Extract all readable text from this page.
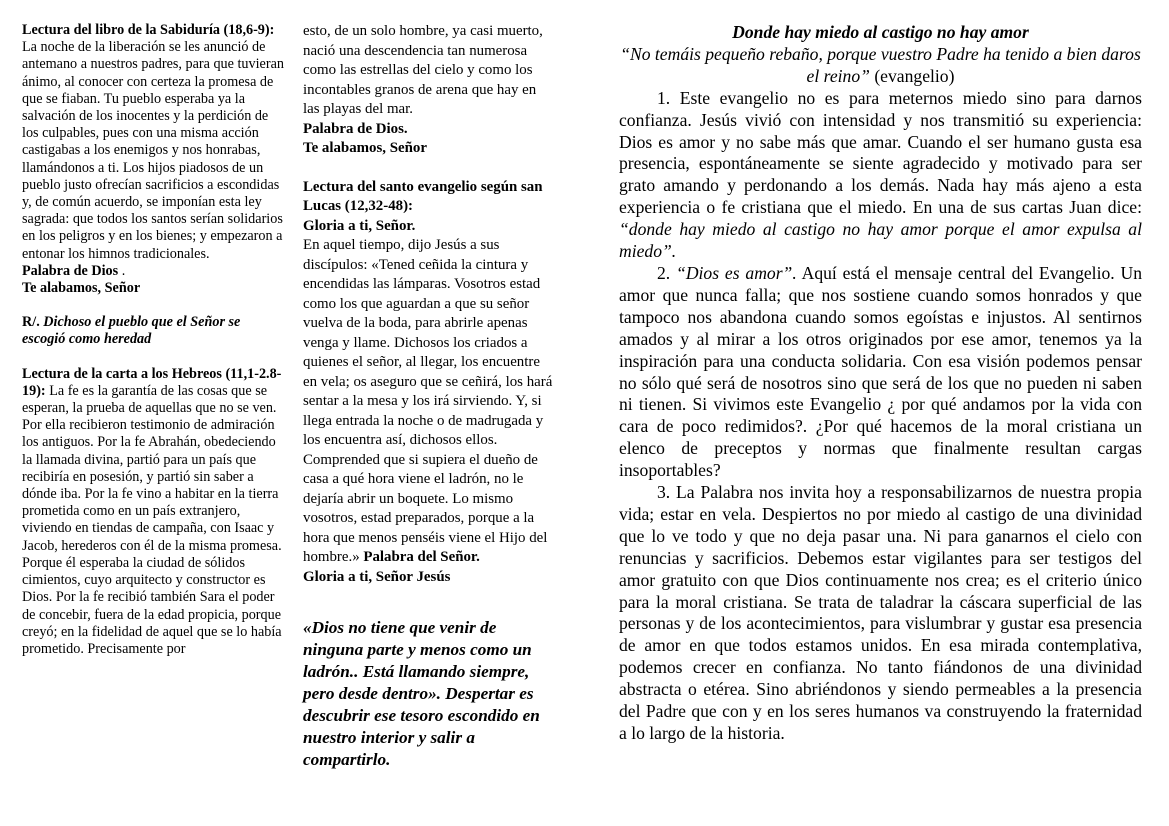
Lectura del libro de la Sabiduría (18,6-9): La noche de la liberación se les anunció de antemano a nuestros padres, para que tuvieran ánimo, al conocer con certeza la promesa de que se fiaban. Tu pueblo esperaba ya la salvación de los inocentes y la perdición de los culpables, pues con una misma acción castigabas a los enemigos y nos honrabas, llamándonos a ti. Los hijos piadosos de un pueblo justo ofrecían sacrificios a escondidas y, de común acuerdo, se imponían esta ley sagrada: que todos los santos serían solidarios en los peligros y en los bienes; y empezaron a entonar los himnos tradicionales.

Palabra de Dios .

Te alabamos, Señor

R/. Dichoso el pueblo que el Señor se escogió como heredad

Lectura de la carta a los Hebreos (11,1-2.8-19): La fe es la garantía de las cosas que se esperan, la prueba de aquellas que no se ven. Por ella recibieron testimonio de admiración los antiguos. Por la fe Abrahán, obedeciendo la llamada divina, partió para un país que recibiría en posesión, y partió sin saber a dónde iba. Por la fe vino a habitar en la tierra prometida como en un país extranjero, viviendo en tiendas de campaña, con Isaac y Jacob, herederos con él de la misma promesa. Porque él esperaba la ciudad de sólidos cimientos, cuyo arquitecto y constructor es Dios. Por la fe recibió también Sara el poder de concebir, fuera de la edad propicia, porque creyó; en la fidelidad de aquel que se lo había prometido. Precisamente por

esto, de un solo hombre, ya casi muerto, nació una descendencia tan numerosa como las estrellas del cielo y como los incontables granos de arena que hay en las playas del mar.

Palabra de Dios.

Te alabamos, Señor

Lectura del santo evangelio según san Lucas (12,32-48):

Gloria a ti, Señor.

En aquel tiempo, dijo Jesús a sus discípulos: «Tened ceñida la cintura y encendidas las lámparas. Vosotros estad como los que aguardan a que su señor vuelva de la boda, para abrirle apenas venga y llame. Dichosos los criados a quienes el señor, al llegar, los encuentre en vela; os aseguro que se ceñirá, los hará sentar a la mesa y los irá sirviendo. Y, si llega entrada la noche o de madrugada y los encuentra así, dichosos ellos. Comprended que si supiera el dueño de casa a qué hora viene el ladrón, no le dejaría abrir un boquete. Lo mismo vosotros, estad preparados, porque a la hora que menos penséis viene el Hijo del hombre.» Palabra del Señor.

Gloria a ti, Señor Jesús

«Dios no tiene que venir de ninguna parte y menos como un ladrón.. Está llamando siempre, pero desde dentro». Despertar es descubrir ese tesoro escondido en nuestro interior y salir a compartirlo.

Donde hay miedo al castigo no hay amor

“No temáis pequeño rebaño, porque vuestro Padre ha tenido a bien daros el reino” (evangelio)

1. Este evangelio no es para meternos miedo sino para darnos confianza. Jesús vivió con intensidad y nos transmitió su experiencia: Dios es amor y no sabe más que amar. Cuando el ser humano gusta esa presencia, espontáneamente se siente agradecido y motivado para ser grato amando y perdonando a los demás. Nada hay más ajeno a esta experiencia o fe cristiana que el miedo. En una de sus cartas Juan dice: “donde hay miedo al castigo no hay amor porque el amor expulsa al miedo”.

2. “Dios es amor”. Aquí está el mensaje central del Evangelio. Un amor que nunca falla; que nos sostiene cuando somos honrados y que tampoco nos abandona cuando somos egoístas e injustos. Al sentirnos amados y al mirar a los otros originados por ese amor, tenemos ya la inspiración para una conducta solidaria. Con esa visión podemos pensar no sólo qué será de nosotros sino que será de los que no pueden ni saben ni tienen. Si vivimos este Evangelio ¿ por qué andamos por la vida con cara de poco redimidos?. ¿Por qué hacemos de la moral cristiana un elenco de preceptos y normas que finalmente resultan cargas insoportables?

3. La Palabra nos invita hoy a responsabilizarnos de nuestra propia vida; estar en vela. Despiertos no por miedo al castigo de una divinidad que lo ve todo y que no deja pasar una. Ni para ganarnos el cielo con renuncias y sacrificios. Debemos estar vigilantes para ser testigos del amor gratuito con que Dios continuamente nos crea; es el criterio único para la moral cristiana. Se trata de taladrar la cáscara superficial de las personas y de los acontecimientos, para vislumbrar y gustar esa presencia de amor en que todos estamos unidos. En esa mirada contemplativa, podemos crecer en confianza. No tanto fiándonos de una divinidad abstracta o etérea. Sino abriéndonos y siendo permeables a la presencia del Padre que con y en los seres humanos va construyendo la fraternidad a lo largo de la historia.
